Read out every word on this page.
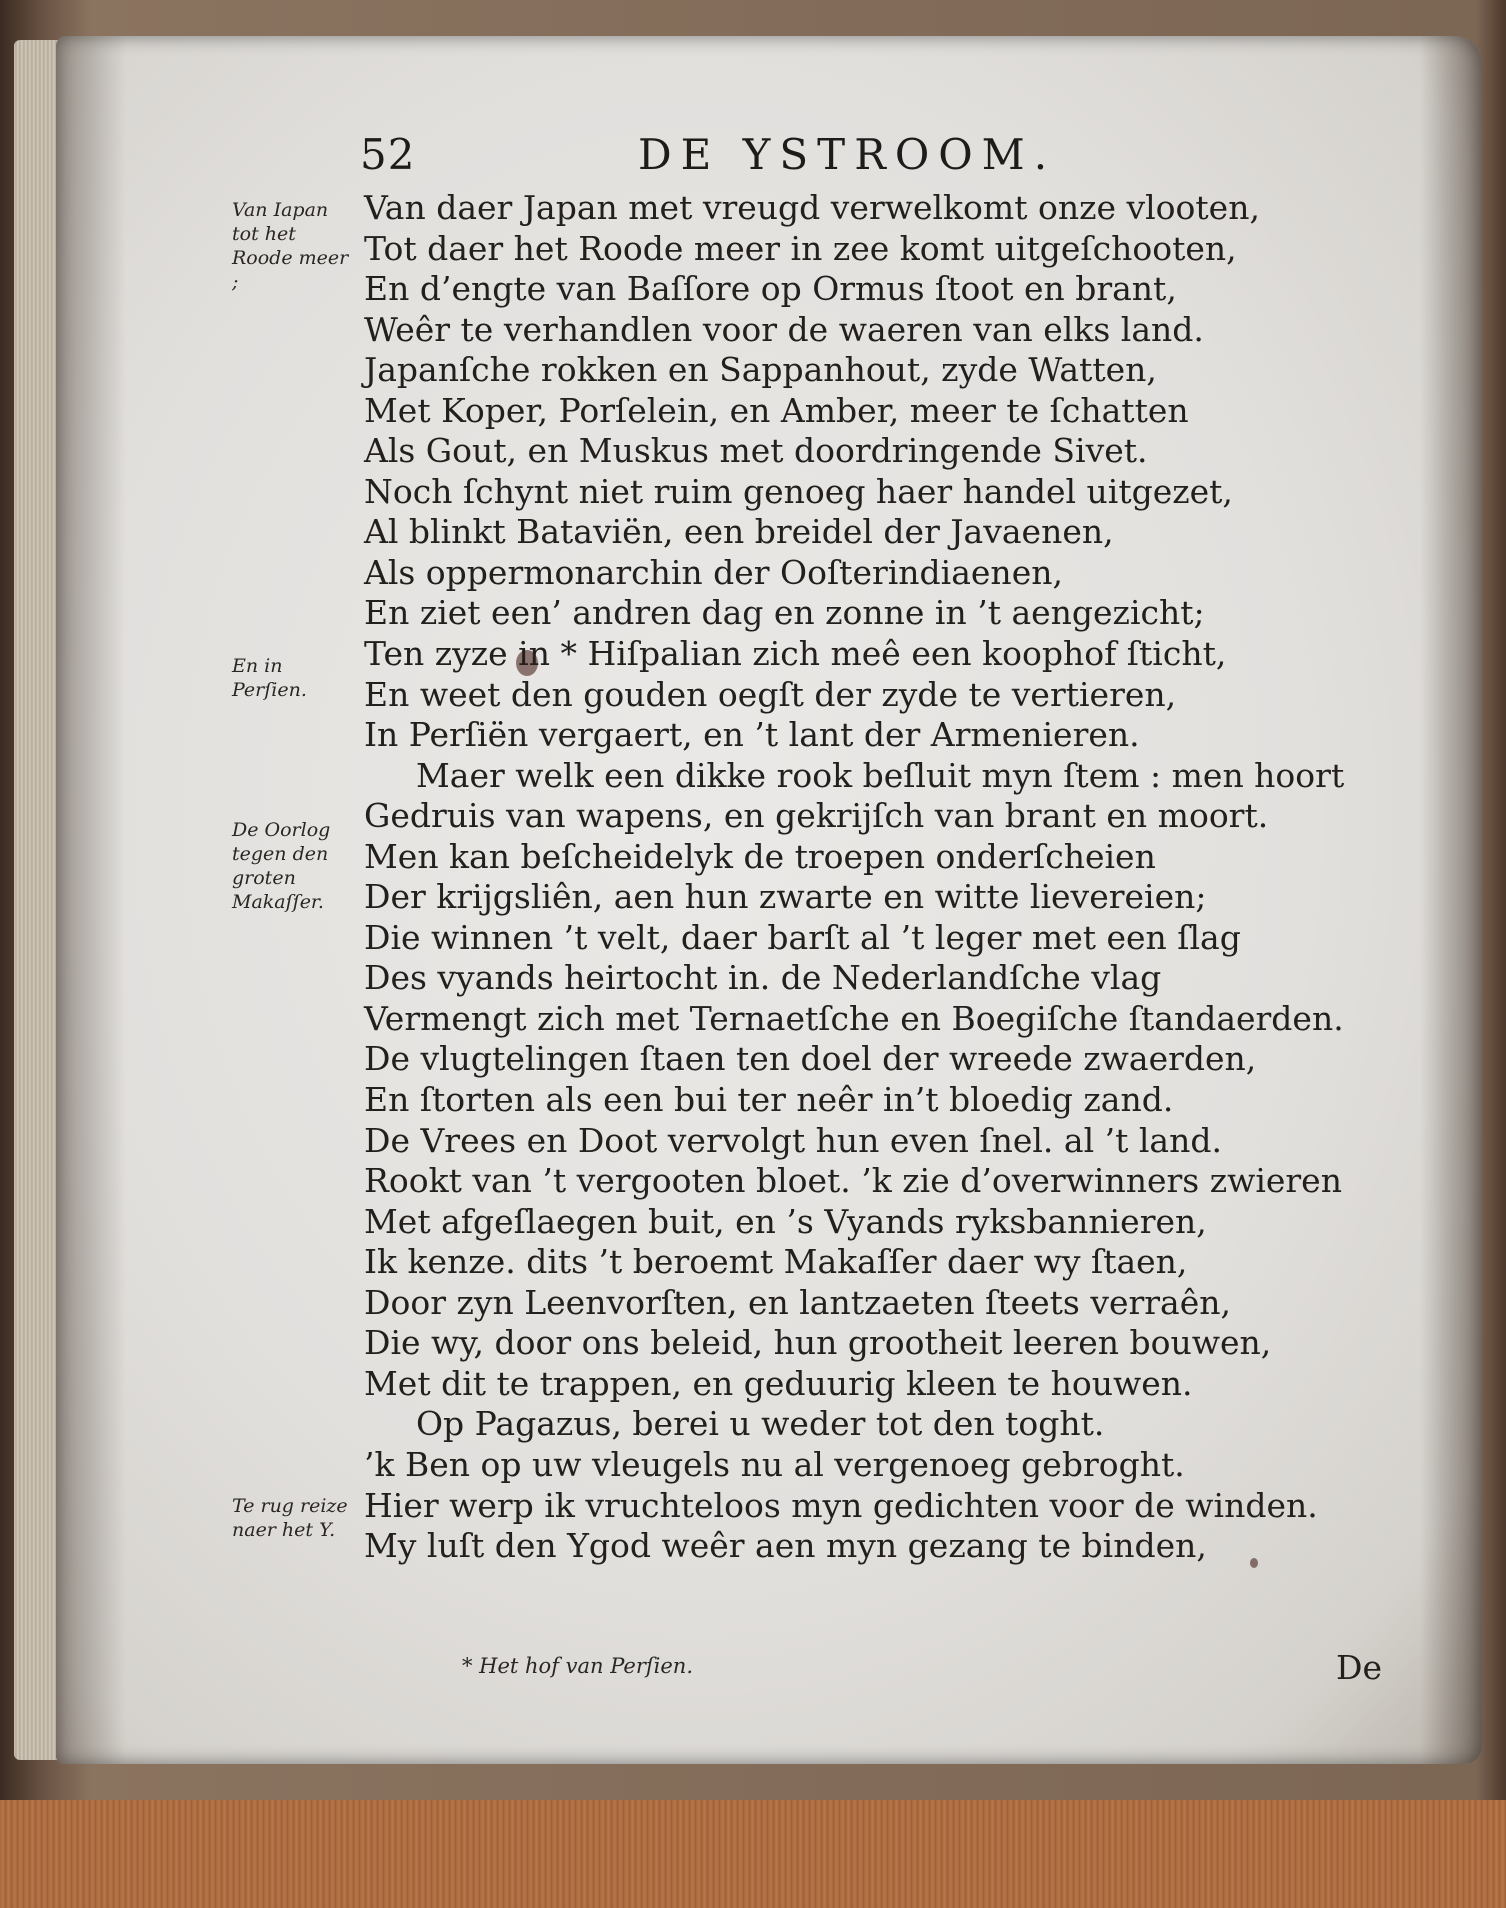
52	DE YSTROOM.
Van Iapan tot het Roode meer ;
En in Perſien.
De Oorlog tegen den groten Makaſſer.
Te rug reize naer het Y.
Van daer Japan met vreugd verwelkomt onze vlooten,
Tot daer het Roode meer in zee komt uitgeſchooten,
En d’engte van Baſſore op Ormus ſtoot en brant,
Weêr te verhandlen voor de waeren van elks land.
Japanſche rokken en Sappanhout, zyde Watten,
Met Koper, Porſelein, en Amber, meer te ſchatten
Als Gout, en Muskus met doordringende Sivet.
Noch ſchynt niet ruim genoeg haer handel uitgezet,
Al blinkt Bataviën, een breidel der Javaenen,
Als oppermonarchin der Ooſterindiaenen,
En ziet een’ andren dag en zonne in ’t aengezicht;
Ten zyze in * Hiſpalian zich meê een koophof ſticht,
En weet den gouden oegſt der zyde te vertieren,
In Perſiën vergaert, en ’t lant der Armenieren.
Maer welk een dikke rook beſluit myn ſtem : men hoort
Gedruis van wapens, en gekrijſch van brant en moort.
Men kan beſcheidelyk de troepen onderſcheien
Der krijgsliên, aen hun zwarte en witte lievereien;
Die winnen ’t velt, daer barſt al ’t leger met een ſlag
Des vyands heirtocht in. de Nederlandſche vlag
Vermengt zich met Ternaetſche en Boegiſche ſtandaerden.
De vlugtelingen ſtaen ten doel der wreede zwaerden,
En ſtorten als een bui ter neêr in’t bloedig zand.
De Vrees en Doot vervolgt hun even ſnel. al ’t land.
Rookt van ’t vergooten bloet. ’k zie d’overwinners zwieren
Met afgeſlaegen buit, en ’s Vyands ryksbannieren,
Ik kenze. dits ’t beroemt Makaſſer daer wy ſtaen,
Door zyn Leenvorſten, en lantzaeten ſteets verraên,
Die wy, door ons beleid, hun grootheit leeren bouwen,
Met dit te trappen, en geduurig kleen te houwen.
Op Pagazus, berei u weder tot den toght.
’k Ben op uw vleugels nu al vergenoeg gebroght.
Hier werp ik vruchteloos myn gedichten voor de winden.
My luſt den Ygod weêr aen myn gezang te binden,
* Het hof van Perſien.	De
